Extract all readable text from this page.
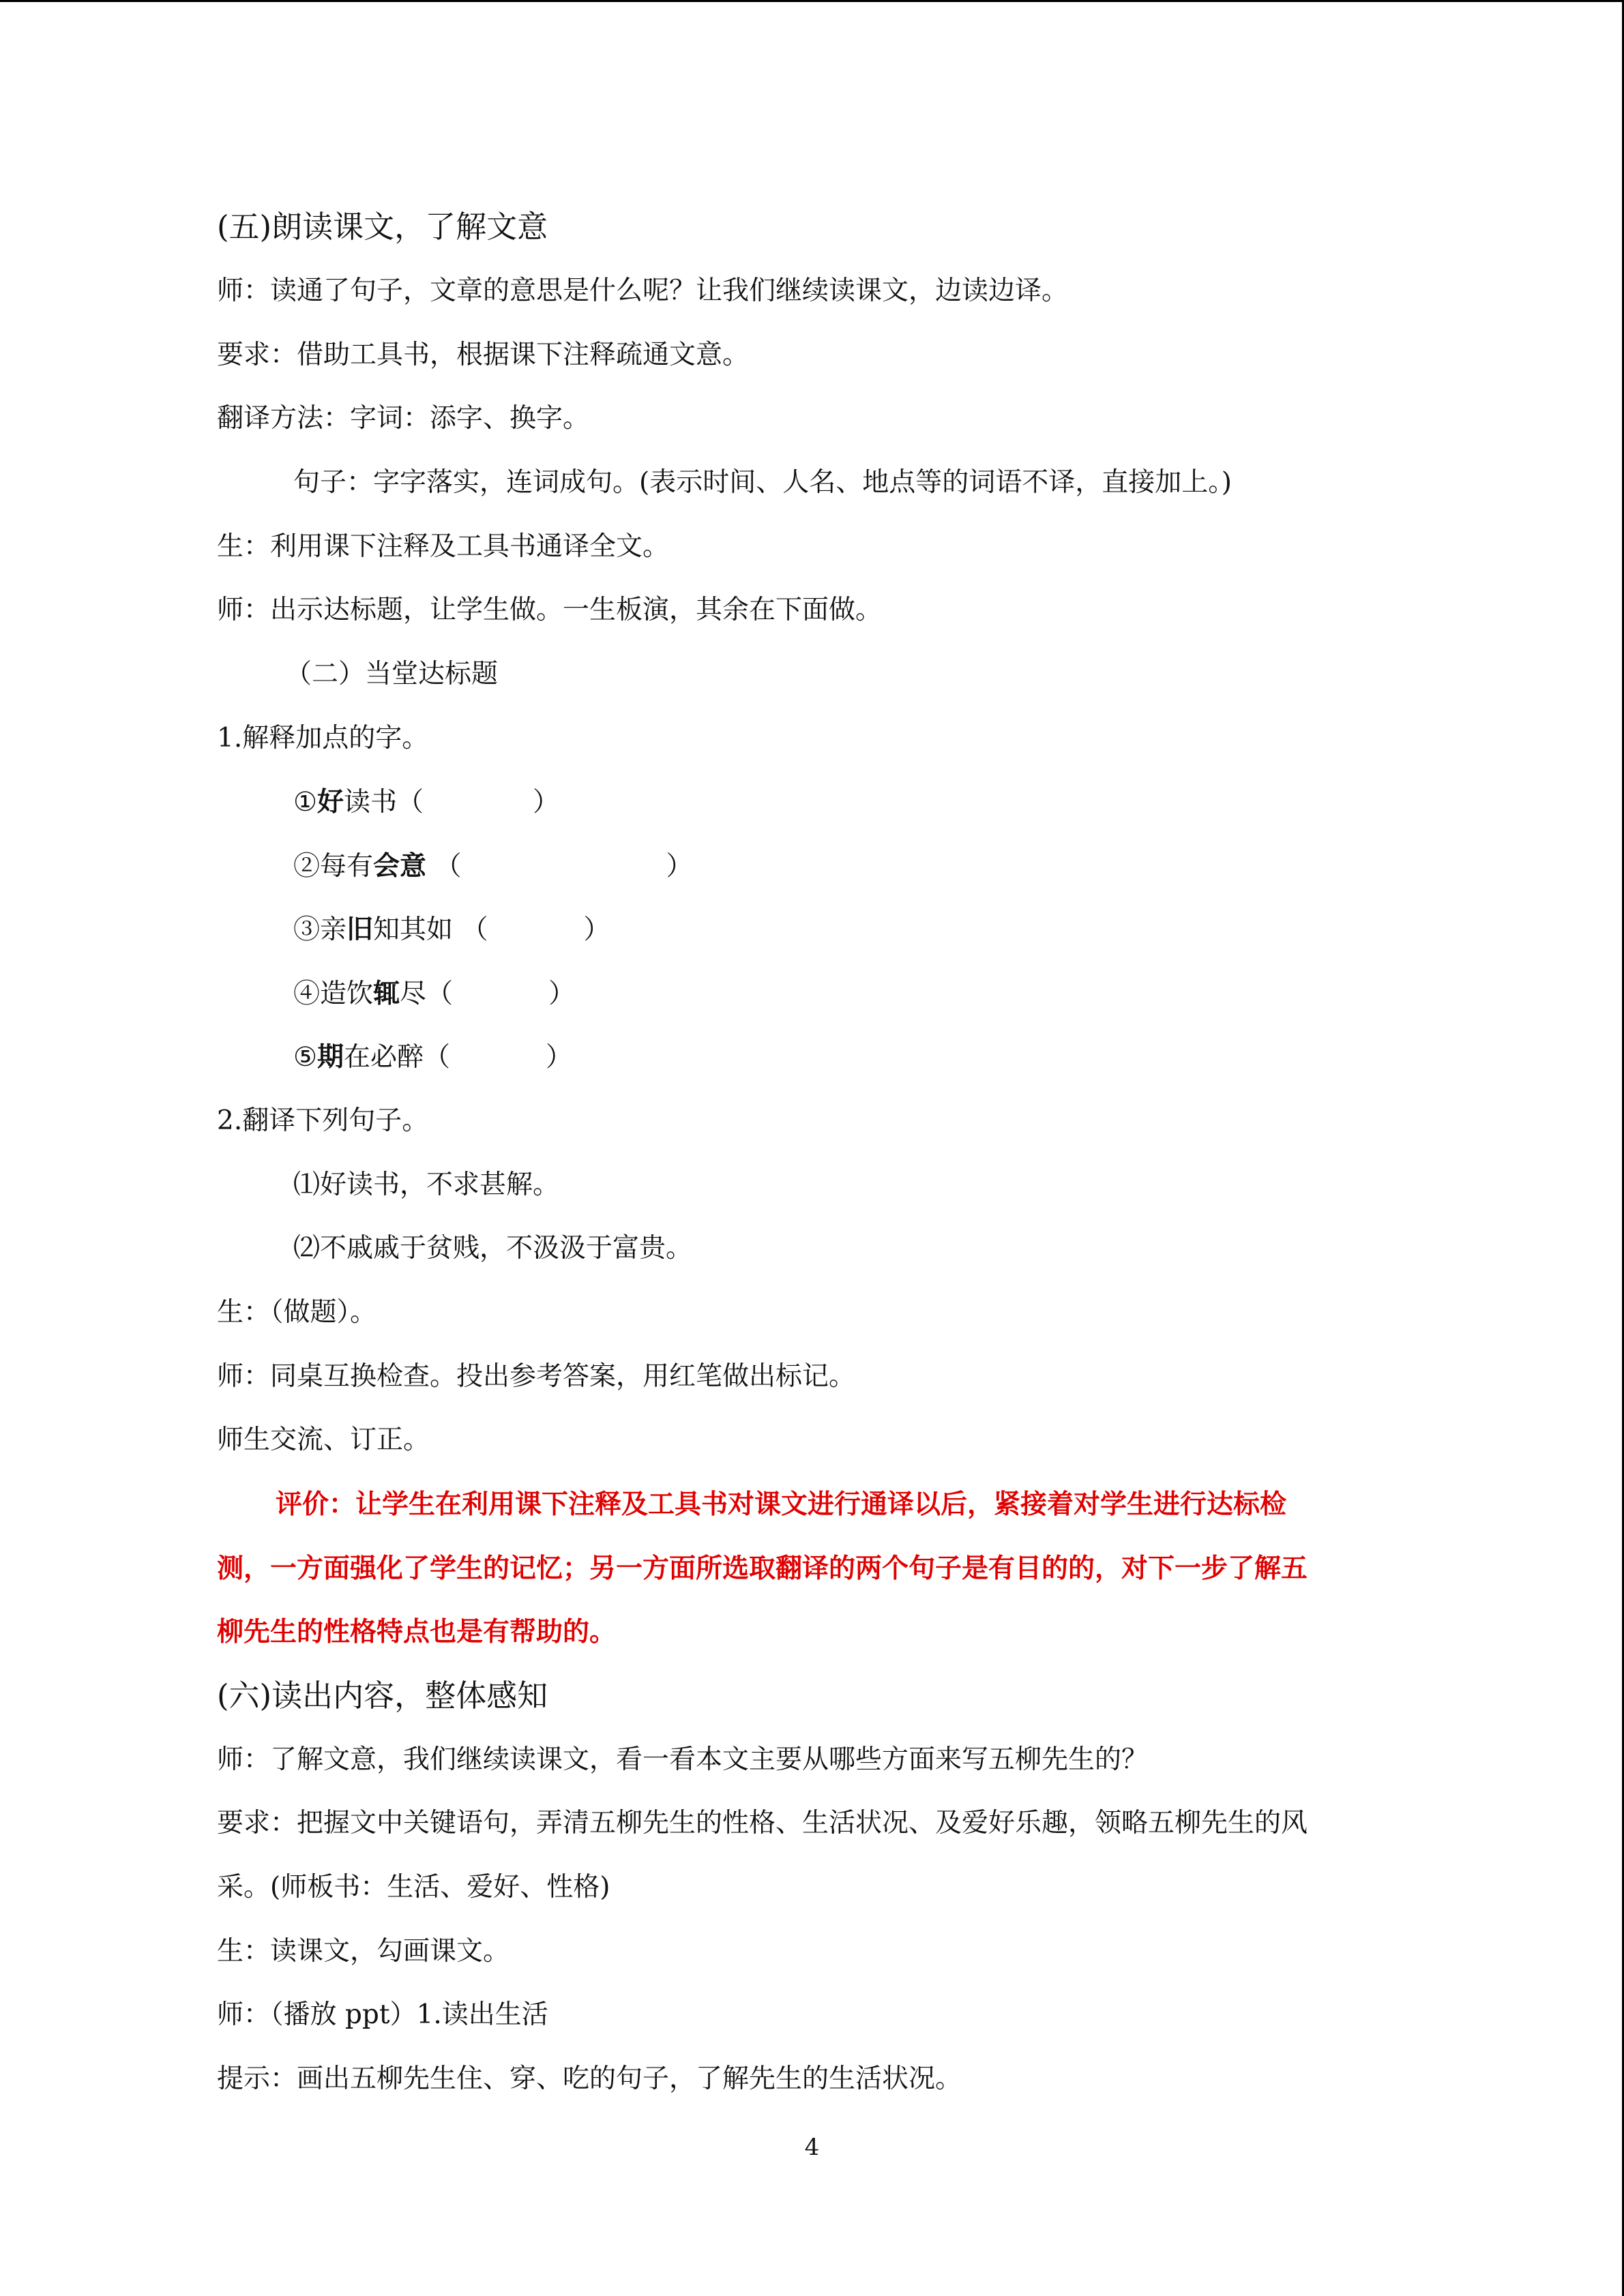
(五)朗读课文，了解文意
师：读通了句子，文章的意思是什么呢？让我们继续读课文，边读边译。
要求：借助工具书，根据课下注释疏通文意。
翻译方法：字词：添字、换字。
句子：字字落实，连词成句。(表示时间、人名、地点等的词语不译，直接加上。)
生：利用课下注释及工具书通译全文。
师：出示达标题，让学生做。一生板演，其余在下面做。
（二）当堂达标题
1.解释加点的字。
①好读书（	）
②每有会意 （	）
③亲旧知其如 （	）
④造饮辄尽（	）
⑤期在必醉（	）
2.翻译下列句子。
⑴好读书，不求甚解。
⑵不戚戚于贫贱，不汲汲于富贵。
生：（做题）。
师：同桌互换检查。投出参考答案，用红笔做出标记。
师生交流、订正。
评价：让学生在利用课下注释及工具书对课文进行通译以后，紧接着对学生进行达标检
测，一方面强化了学生的记忆；另一方面所选取翻译的两个句子是有目的的，对下一步了解五
柳先生的性格特点也是有帮助的。
(六)读出内容，整体感知
师：了解文意，我们继续读课文，看一看本文主要从哪些方面来写五柳先生的？
要求：把握文中关键语句，弄清五柳先生的性格、生活状况、及爱好乐趣，领略五柳先生的风
采。(师板书：生活、爱好、性格)
生：读课文，勾画课文。
师：（播放 ppt）1.读出生活
提示：画出五柳先生住、穿、吃的句子，了解先生的生活状况。
4
